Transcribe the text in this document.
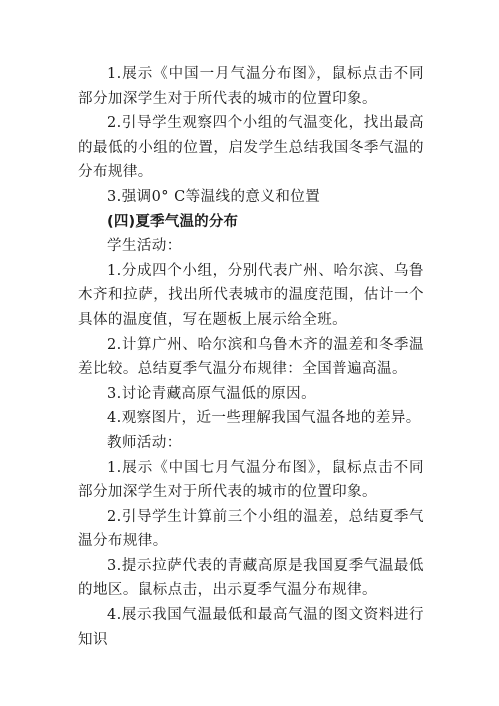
1.展示《中国一月气温分布图》，鼠标点击不同部分加深学生对于所代表的城市的位置印象。

2.引导学生观察四个小组的气温变化，找出最高的最低的小组的位置，启发学生总结我国冬季气温的分布规律。

3.强调0° C等温线的意义和位置

(四)夏季气温的分布

学生活动：

1.分成四个小组，分别代表广州、哈尔滨、乌鲁木齐和拉萨，找出所代表城市的温度范围，估计一个具体的温度值，写在题板上展示给全班。

2.计算广州、哈尔滨和乌鲁木齐的温差和冬季温差比较。总结夏季气温分布规律：全国普遍高温。

3.讨论青藏高原气温低的原因。

4.观察图片，近一些理解我国气温各地的差异。

教师活动：

1.展示《中国七月气温分布图》，鼠标点击不同部分加深学生对于所代表的城市的位置印象。

2.引导学生计算前三个小组的温差，总结夏季气温分布规律。

3.提示拉萨代表的青藏高原是我国夏季气温最低的地区。鼠标点击，出示夏季气温分布规律。

4.展示我国气温最低和最高气温的图文资料进行知识
